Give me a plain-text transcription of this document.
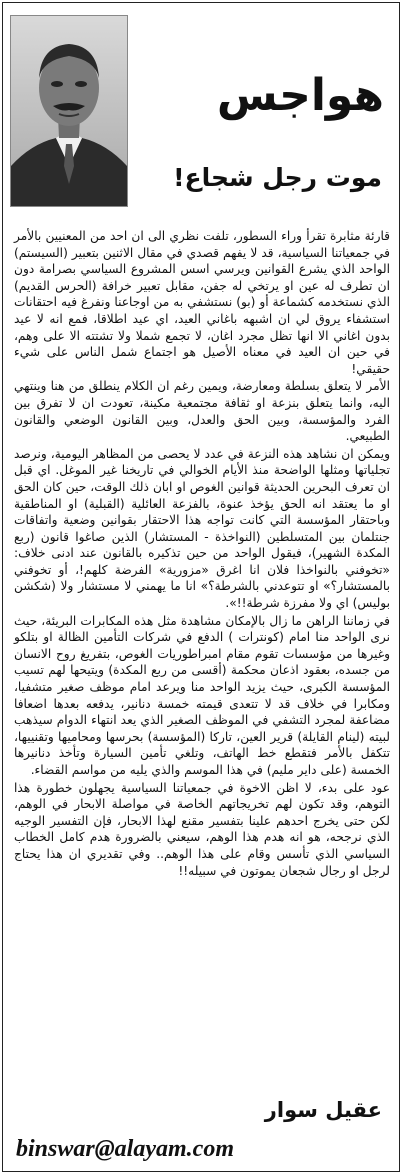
هواجس
موت رجل شجاع!

قارئة مثابرة تقرأ وراء السطور، تلفت نظري الى ان احد من المعنيين بالأمر في جمعياتنا السياسية، قد لا يفهم قصدي في مقال الاثنين بتعبير (السيستم) الواحد الذي يشرع القوانين ويرسي اسس المشروع السياسي بصرامة دون ان تطرف له عين او يرتخي له جفن، مقابل تعبير خرافة (الحرس القديم) الذي نستخدمه كشماعة أو (بو) نستشفي به من اوجاعنا ونفرغ فيه احتقانات استشفاء يروق لي ان اشبهه باغاني العيد، اي عيد اطلاقا، فمع انه لا عيد بدون اغاني الا انها تظل مجرد اغان، لا تجمع شملا ولا تشتته الا على وهم، في حين ان العيد في معناه الأصيل هو اجتماع شمل الناس على شيء حقيقي!

الأمر لا يتعلق بسلطة ومعارضة، ويمين رغم ان الكلام ينطلق من هنا وينتهي اليه، وانما يتعلق بنزعة او ثقافة مجتمعية مكينة، تعودت ان لا تفرق بين الفرد والمؤسسة، وبين الحق والعدل، وبين القانون الوضعي والقانون الطبيعي.

ويمكن ان نشاهد هذه النزعة في عدد لا يحصى من المظاهر اليومية، ونرصد تجلياتها ومثلها الواضحة منذ الأيام الخوالي في تاريخنا غير الموغل. اي قبل ان تعرف البحرين الحديثة قوانين الغوص او ابان ذلك الوقت، حين كان الحق او ما يعتقد انه الحق يؤخذ عنوة، بالفزعة العائلية (القبلية) او المناطقية وباحتقار المؤسسة التي كانت تواجه هذا الاحتقار بقوانين وضعية واتفاقات جنتلمان بين المتسلطين (النواخذة - المستشار) الذين صاغوا قانون (ربع المكدة الشهير)، فيقول الواحد من حين تذكيره بالقانون عند ادنى خلاف: «تخوفني بالنواخذا فلان انا اغرق «مزورية» الفرضة كلهم!، أو تخوفني بالمستشار؟» او تتوعدني بالشرطة؟» انا ما يهمني لا مستشار ولا (شكشن بوليس) اي ولا مفرزة شرطة!!».

في زماننا الراهن ما زال بالإمكان مشاهدة مثل هذه المكابرات البريئة، حيث نرى الواحد منا امام (كونترات ) الدفع في شركات التأمين الظالة او بتلكو وغيرها من مؤسسات تقوم مقام امبراطوريات الغوص، بتفريغ روح الانسان من جسده، بعقود اذعان محكمة (أقسى من ربع المكدة) ويتيحها لهم تسيب المؤسسة الكبرى، حيث يزيد الواحد منا ويرعد امام موظف صغير متشفيا، ومكابرا في خلاف قد لا تتعدى قيمته خمسة دنانير، يدفعه بعدها اضعافا مضاعفة لمجرد التشفي في الموظف الصغير الذي يعد انتهاء الدوام سيذهب لبيته (لينام القايلة) قرير العين، تاركا (المؤسسة) بحرسها ومحاميها وتقنييها، تتكفل بالأمر فتقطع خط الهاتف، وتلغي تأمين السيارة وتأخذ دنانيرها الخمسة (على داير مليم) في هذا الموسم والذي يليه من مواسم القضاء.

عود على بدء، لا اظن الاخوة في جمعياتنا السياسية يجهلون خطورة هذا التوهم، وقد تكون لهم تخريجاتهم الخاصة في مواصلة الابحار في الوهم، لكن حتى يخرج احدهم علينا بتفسير مقنع لهذا الابحار، فإن التفسير الوجيه الذي نرجحه، هو انه هدم هذا الوهم، سيعني بالضرورة هدم كامل الخطاب السياسي الذي تأسس وقام على هذا الوهم.. وفي تقديري ان هذا يحتاج لرجل او رجال شجعان يموتون في سبيله!!

عقيل سوار
binswar@alayam.com
